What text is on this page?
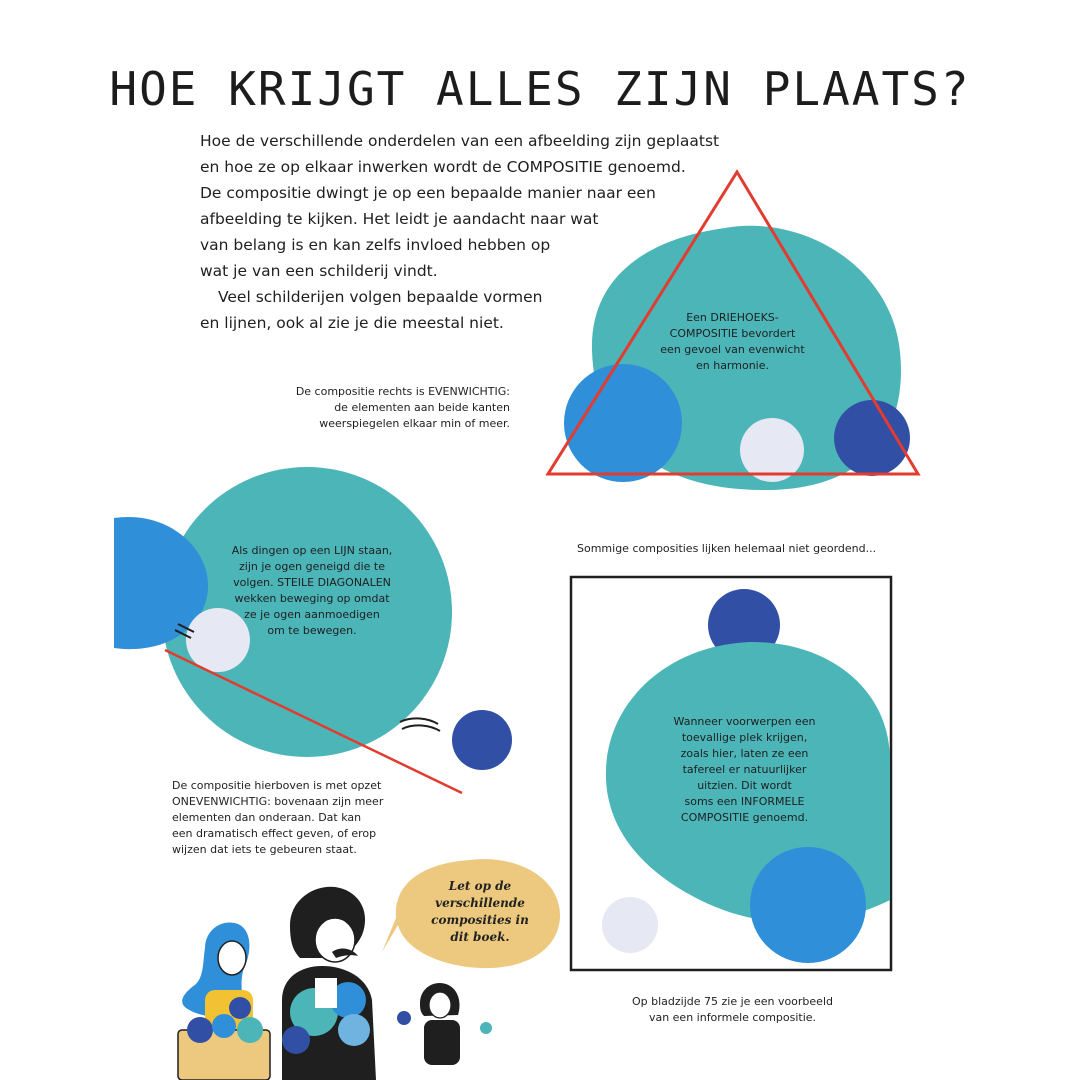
HOE KRIJGT ALLES ZIJN PLAATS?
Hoe de verschillende onderdelen van een afbeelding zijn geplaatst
en hoe ze op elkaar inwerken wordt de COMPOSITIE genoemd.
De compositie dwingt je op een bepaalde manier naar een
afbeelding te kijken. Het leidt je aandacht naar wat
van belang is en kan zelfs invloed hebben op
wat je van een schilderij vindt.
Veel schilderijen volgen bepaalde vormen
en lijnen, ook al zie je die meestal niet.	Een DRIEHOEKS-
COMPOSITIE bevordert
een gevoel van evenwicht
en harmonie.
De compositie rechts is EVENWICHTIG:
de elementen aan beide kanten
weerspiegelen elkaar min of meer.
Als dingen op een LIJN staan,
zijn je ogen geneigd die te
volgen. STEILE DIAGONALEN
wekken beweging op omdat
ze je ogen aanmoedigen
om te bewegen.
De compositie hierboven is met opzet
ONEVENWICHTIG: bovenaan zijn meer
elementen dan onderaan. Dat kan
een dramatisch effect geven, of erop
wijzen dat iets te gebeuren staat.
Sommige composities lijken helemaal niet geordend...
Wanneer voorwerpen een
toevallige plek krijgen,
zoals hier, laten ze een
tafereel er natuurlijker
uitzien. Dit wordt
soms een INFORMELE
COMPOSITIE genoemd.
Op bladzijde 75 zie je een voorbeeld
van een informele compositie.
Let op de
verschillende
composities in
dit boek.
